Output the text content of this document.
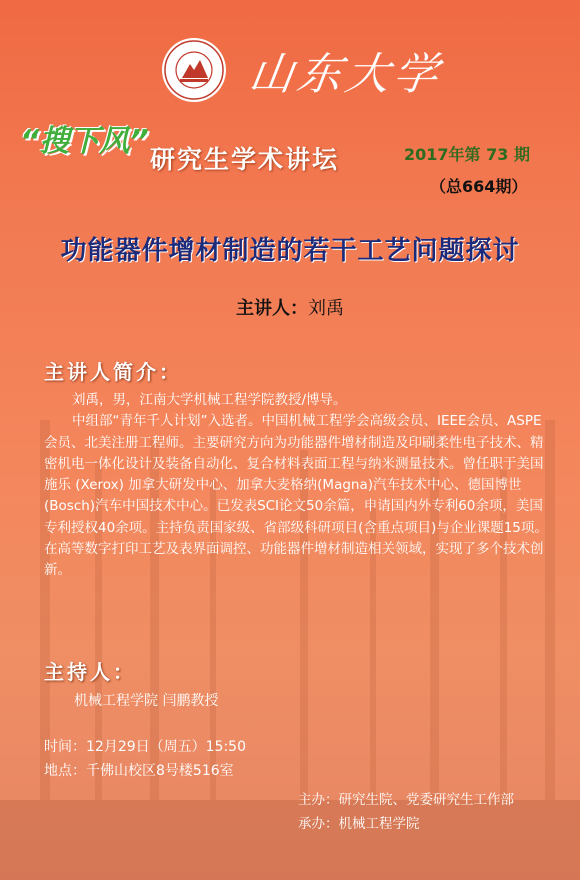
山东大学
“搜下风”
研究生学术讲坛	2017年第 73 期
（总664期）
功能器件增材制造的若干工艺问题探讨
主讲人：刘禹
主讲人简介：

刘禹，男，江南大学机械工程学院教授/博导。

中组部“青年千人计划”入选者。中国机械工程学会高级会员、IEEE会员、ASPE会员、北美注册工程师。主要研究方向为功能器件增材制造及印刷柔性电子技术、精密机电一体化设计及装备自动化、复合材料表面工程与纳米测量技术。曾任职于美国施乐 (Xerox) 加拿大研发中心、加拿大麦格纳(Magna)汽车技术中心、德国博世(Bosch)汽车中国技术中心。已发表SCI论文50余篇，申请国内外专利60余项，美国专利授权40余项。主持负责国家级、省部级科研项目(含重点项目)与企业课题15项。在高等数字打印工艺及表界面调控、功能器件增材制造相关领域，实现了多个技术创新。

主持人：
机械工程学院 闫鹏教授
时间：12月29日（周五）15:50
地点：千佛山校区8号楼516室
主办：研究生院、党委研究生工作部
承办：机械工程学院
